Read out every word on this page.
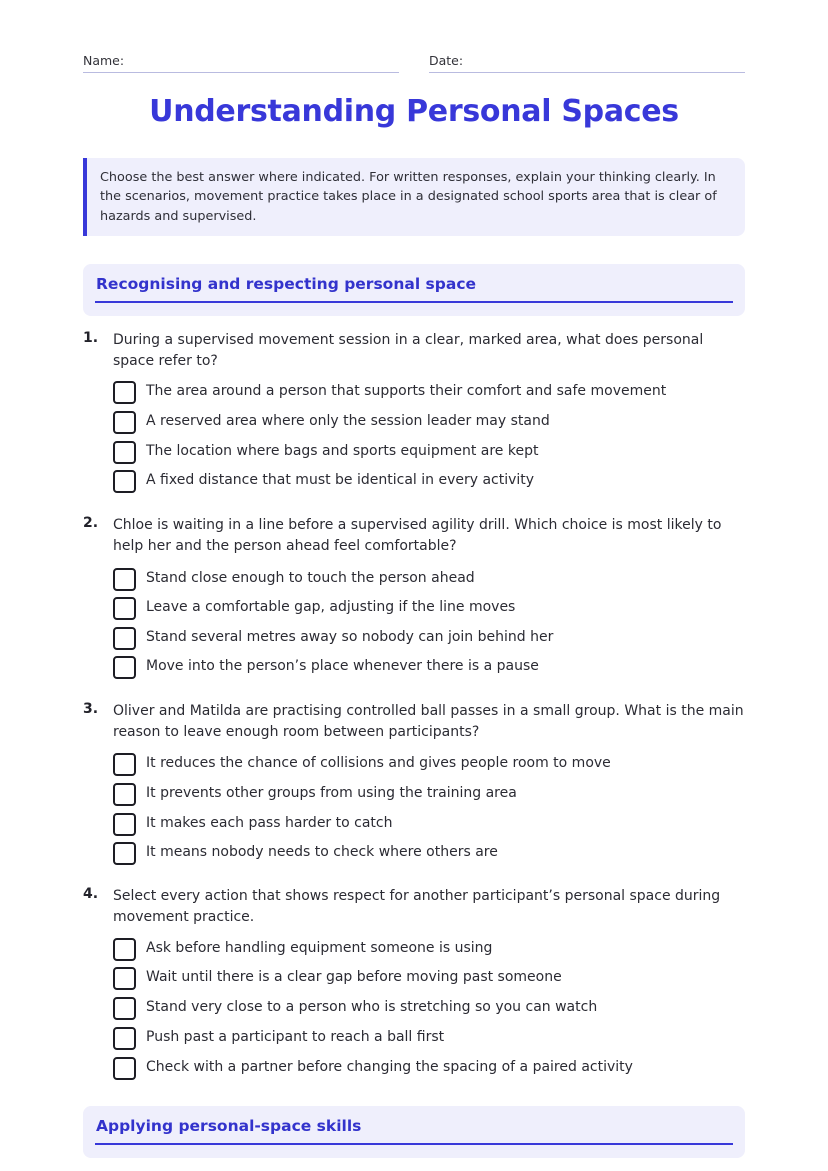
Name:	Date:
Understanding Personal Spaces
Choose the best answer where indicated. For written responses, explain your thinking clearly. In the scenarios, movement practice takes place in a designated school sports area that is clear of hazards and supervised.
Recognising and respecting personal space
1. During a supervised movement session in a clear, marked area, what does personal space refer to?
The area around a person that supports their comfort and safe movement
A reserved area where only the session leader may stand
The location where bags and sports equipment are kept
A fixed distance that must be identical in every activity
2. Chloe is waiting in a line before a supervised agility drill. Which choice is most likely to help her and the person ahead feel comfortable?
Stand close enough to touch the person ahead
Leave a comfortable gap, adjusting if the line moves
Stand several metres away so nobody can join behind her
Move into the person’s place whenever there is a pause
3. Oliver and Matilda are practising controlled ball passes in a small group. What is the main reason to leave enough room between participants?
It reduces the chance of collisions and gives people room to move
It prevents other groups from using the training area
It makes each pass harder to catch
It means nobody needs to check where others are
4. Select every action that shows respect for another participant’s personal space during movement practice.
Ask before handling equipment someone is using
Wait until there is a clear gap before moving past someone
Stand very close to a person who is stretching so you can watch
Push past a participant to reach a ball first
Check with a partner before changing the spacing of a paired activity
Applying personal-space skills
